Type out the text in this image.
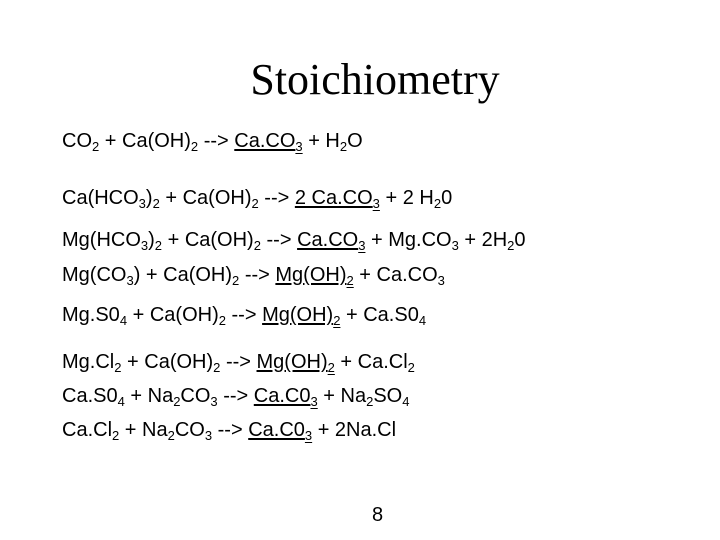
Stoichiometry
$CO_2 + Ca(OH)_2$ --> $Ca.CO_3 + H_2O$
$Ca(HCO_3)_2 + Ca(OH)_2$ --> 2 $Ca.CO_3 + 2$ $H_20$
$Mg(HCO_3)_2 + Ca(OH)_2$ --> $Ca.CO_3 + Mg.CO_3 + 2H_20$
$Mg(CO_3) + Ca(OH)_2$ --> $Mg(OH)_2 + Ca.CO_3$
$Mg.S0_4 + Ca(OH)_2$ --> $Mg(OH)_2 + Ca.S0_4$
$Mg.Cl_2 + Ca(OH)_2$ --> $Mg(OH)_2 + Ca.Cl_2$
$Ca.S0_4 + Na_2CO_3$ --> $Ca.C0_3 + Na_2SO_4$
$Ca.Cl_2 + Na_2CO_3$ --> $Ca.C0_3 + 2Na.Cl$
8
